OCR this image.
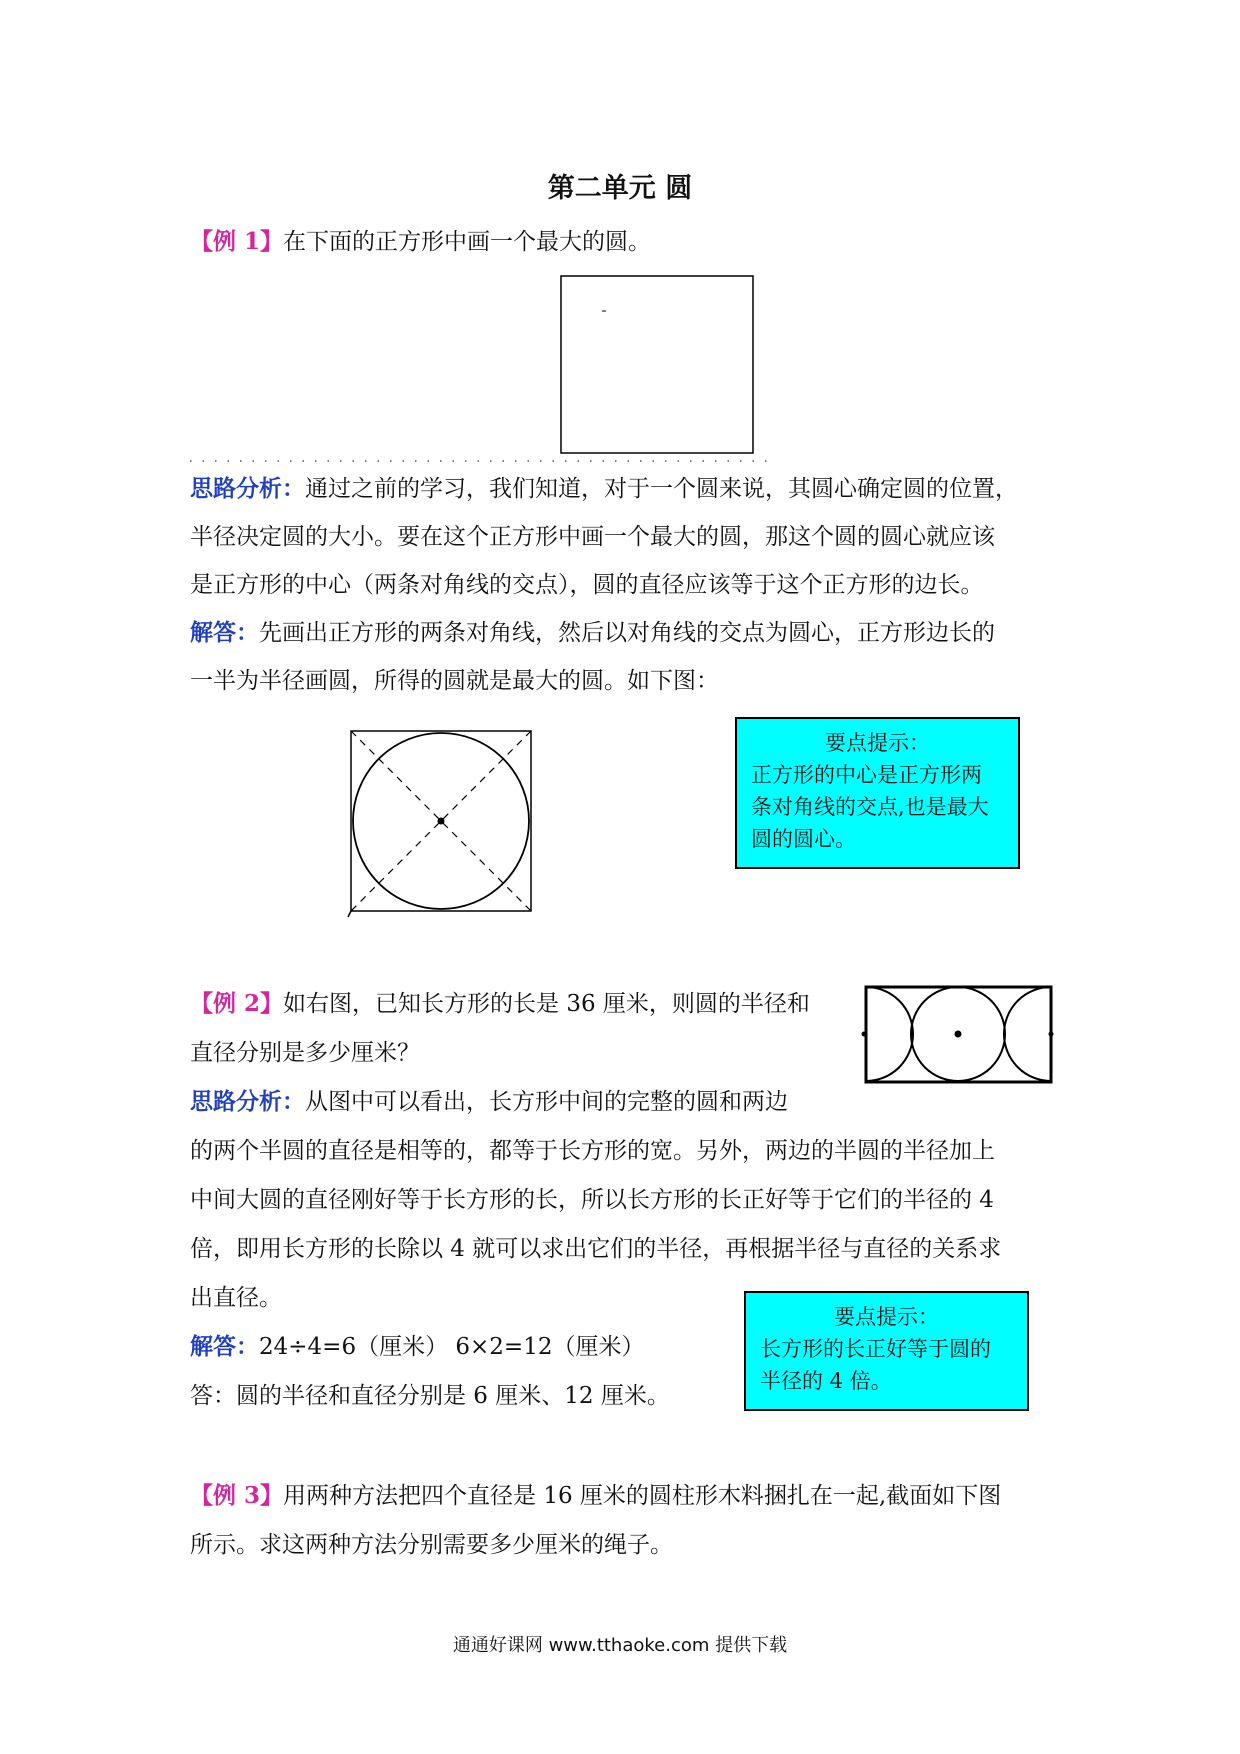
第二单元 圆
【例 1】在下面的正方形中画一个最大的圆。
思路分析：通过之前的学习，我们知道，对于一个圆来说，其圆心确定圆的位置，
半径决定圆的大小。要在这个正方形中画一个最大的圆，那这个圆的圆心就应该
是正方形的中心（两条对角线的交点），圆的直径应该等于这个正方形的边长。
解答：先画出正方形的两条对角线，然后以对角线的交点为圆心，正方形边长的
一半为半径画圆，所得的圆就是最大的圆。如下图：
要点提示：
正方形的中心是正方形两
条对角线的交点,也是最大
圆的圆心。
【例 2】如右图，已知长方形的长是 36 厘米，则圆的半径和
直径分别是多少厘米？
思路分析：从图中可以看出，长方形中间的完整的圆和两边
的两个半圆的直径是相等的，都等于长方形的宽。另外，两边的半圆的半径加上
中间大圆的直径刚好等于长方形的长，所以长方形的长正好等于它们的半径的 4
倍，即用长方形的长除以 4 就可以求出它们的半径，再根据半径与直径的关系求
出直径。
解答：24÷4=6（厘米） 6×2=12（厘米）
答：圆的半径和直径分别是 6 厘米、12 厘米。
要点提示：
长方形的长正好等于圆的
半径的 4 倍。
【例 3】用两种方法把四个直径是 16 厘米的圆柱形木料捆扎在一起,截面如下图
所示。求这两种方法分别需要多少厘米的绳子。
通通好课网 www.tthaoke.com 提供下载
